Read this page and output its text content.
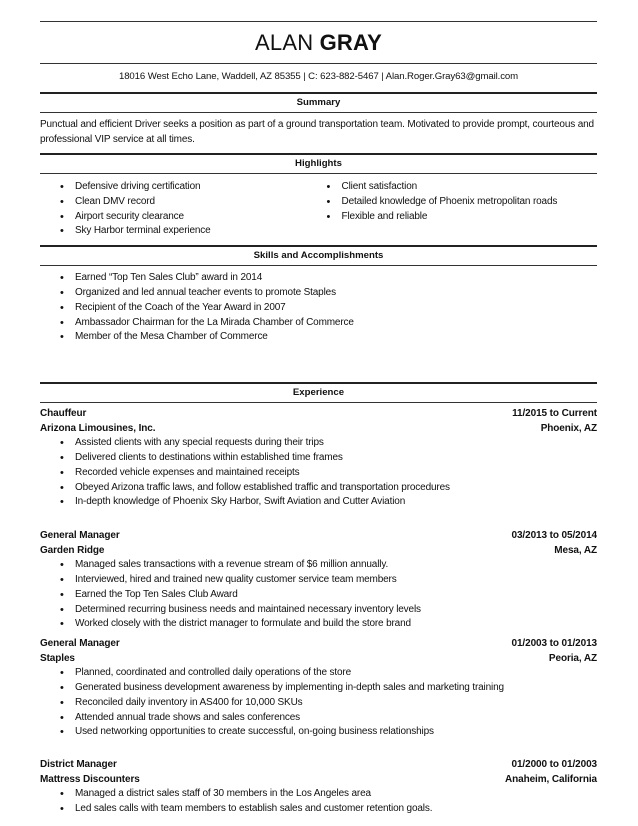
ALAN GRAY
18016 West Echo Lane, Waddell, AZ 85355 | C: 623-882-5467 | Alan.Roger.Gray63@gmail.com
Summary
Punctual and efficient Driver seeks a position as part of a ground transportation team. Motivated to provide prompt, courteous and professional VIP service at all times.
Highlights
• Defensive driving certification
• Clean DMV record
• Airport security clearance
• Sky Harbor terminal experience
• Client satisfaction
• Detailed knowledge of Phoenix metropolitan roads
• Flexible and reliable
Skills and Accomplishments
• Earned “Top Ten Sales Club” award in 2014
• Organized and led annual teacher events to promote Staples
• Recipient of the Coach of the Year Award in 2007
• Ambassador Chairman for the La Mirada Chamber of Commerce
• Member of the Mesa Chamber of Commerce
Experience
Chauffeur	11/2015 to Current
Arizona Limousines, Inc.	Phoenix, AZ
• Assisted clients with any special requests during their trips
• Delivered clients to destinations within established time frames
• Recorded vehicle expenses and maintained receipts
• Obeyed Arizona traffic laws, and follow established traffic and transportation procedures
• In-depth knowledge of Phoenix Sky Harbor, Swift Aviation and Cutter Aviation
General Manager	03/2013 to 05/2014
Garden Ridge	Mesa, AZ
• Managed sales transactions with a revenue stream of $6 million annually.
• Interviewed, hired and trained new quality customer service team members
• Earned the Top Ten Sales Club Award
• Determined recurring business needs and maintained necessary inventory levels
• Worked closely with the district manager to formulate and build the store brand
General Manager	01/2003 to 01/2013
Staples	Peoria, AZ
• Planned, coordinated and controlled daily operations of the store
• Generated business development awareness by implementing in-depth sales and marketing training
• Reconciled daily inventory in AS400 for 10,000 SKUs
• Attended annual trade shows and sales conferences
• Used networking opportunities to create successful, on-going business relationships
District Manager	01/2000 to 01/2003
Mattress Discounters	Anaheim, California
• Managed a district sales staff of 30 members in the Los Angeles area
• Led sales calls with team members to establish sales and customer retention goals.
